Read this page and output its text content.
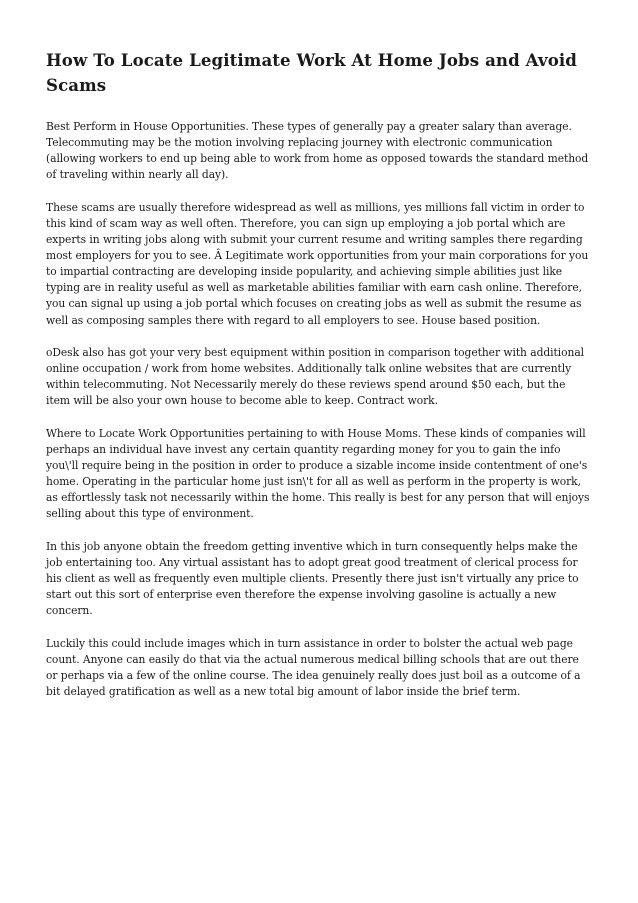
How To Locate Legitimate Work At Home Jobs and Avoid Scams

Best Perform in House Opportunities. These types of generally pay a greater salary than average. Telecommuting may be the motion involving replacing journey with electronic communication (allowing workers to end up being able to work from home as opposed towards the standard method of traveling within nearly all day).

These scams are usually therefore widespread as well as millions, yes millions fall victim in order to this kind of scam way as well often. Therefore, you can sign up employing a job portal which are experts in writing jobs along with submit your current resume and writing samples there regarding most employers for you to see. Â Legitimate work opportunities from your main corporations for you to impartial contracting are developing inside popularity, and achieving simple abilities just like typing are in reality useful as well as marketable abilities familiar with earn cash online. Therefore, you can signal up using a job portal which focuses on creating jobs as well as submit the resume as well as composing samples there with regard to all employers to see. House based position.

oDesk also has got your very best equipment within position in comparison together with additional online occupation / work from home websites. Additionally talk online websites that are currently within telecommuting. Not Necessarily merely do these reviews spend around $50 each, but the item will be also your own house to become able to keep. Contract work.

Where to Locate Work Opportunities pertaining to with House Moms. These kinds of companies will perhaps an individual have invest any certain quantity regarding money for you to gain the info you\'ll require being in the position in order to produce a sizable income inside contentment of one's home. Operating in the particular home just isn\'t for all as well as perform in the property is work, as effortlessly task not necessarily within the home. This really is best for any person that will enjoys selling about this type of environment.

In this job anyone obtain the freedom getting inventive which in turn consequently helps make the job entertaining too. Any virtual assistant has to adopt great good treatment of clerical process for his client as well as frequently even multiple clients. Presently there just isn't virtually any price to start out this sort of enterprise even therefore the expense involving gasoline is actually a new concern.

Luckily this could include images which in turn assistance in order to bolster the actual web page count. Anyone can easily do that via the actual numerous medical billing schools that are out there or perhaps via a few of the online course. The idea genuinely really does just boil as a outcome of a bit delayed gratification as well as a new total big amount of labor inside the brief term.
